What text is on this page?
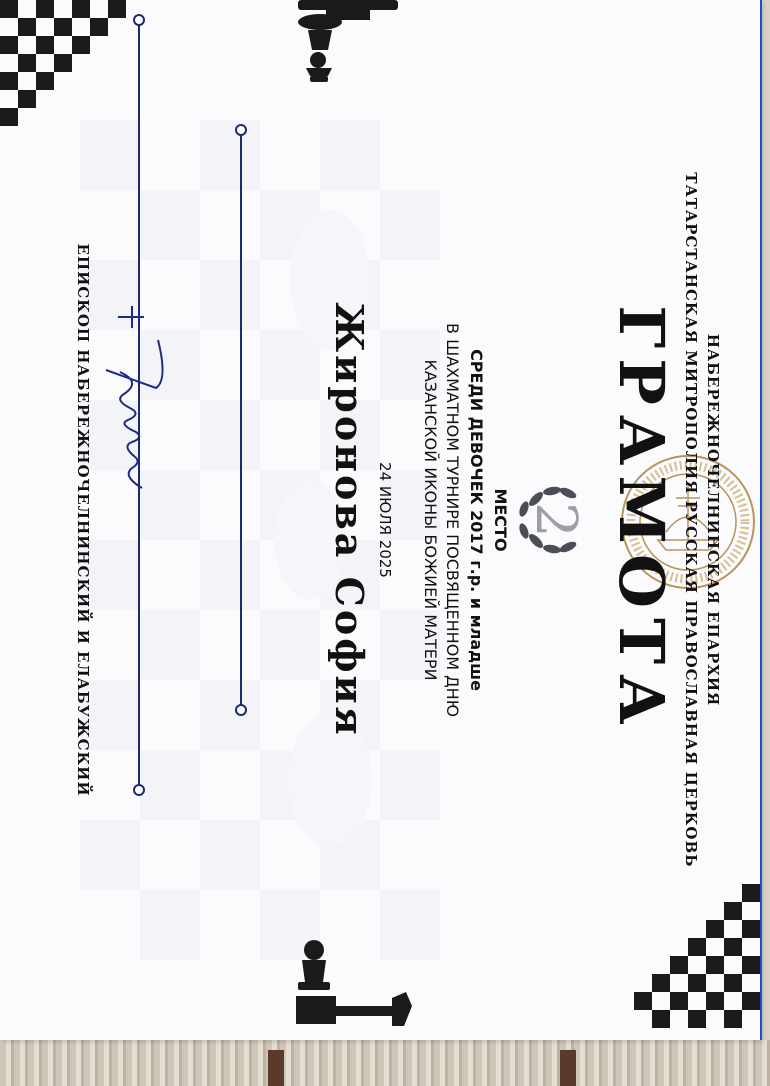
НАБЕРЕЖНОЧЕЛНИНСКАЯ ЕПАРХИЯ
ТАТАРСТАНСКАЯ МИТРОПОЛИЯ РУССКАЯ ПРАВОСЛАВНАЯ ЦЕРКОВЬ
ГРАМОТА
2
МЕСТО
СРЕДИ ДЕВОЧЕК 2017 г.р. и младше
В ШАХМАТНОМ ТУРНИРЕ ПОСВЯЩЕННОМ ДНЮ
КАЗАНСКОЙ ИКОНЫ БОЖИЕЙ МАТЕРИ
24 ИЮЛЯ 2025
Жиронова София
ЕПИСКОП НАБЕРЕЖНОЧЕЛНИНСКИЙ И ЕЛАБУЖСКИЙ
